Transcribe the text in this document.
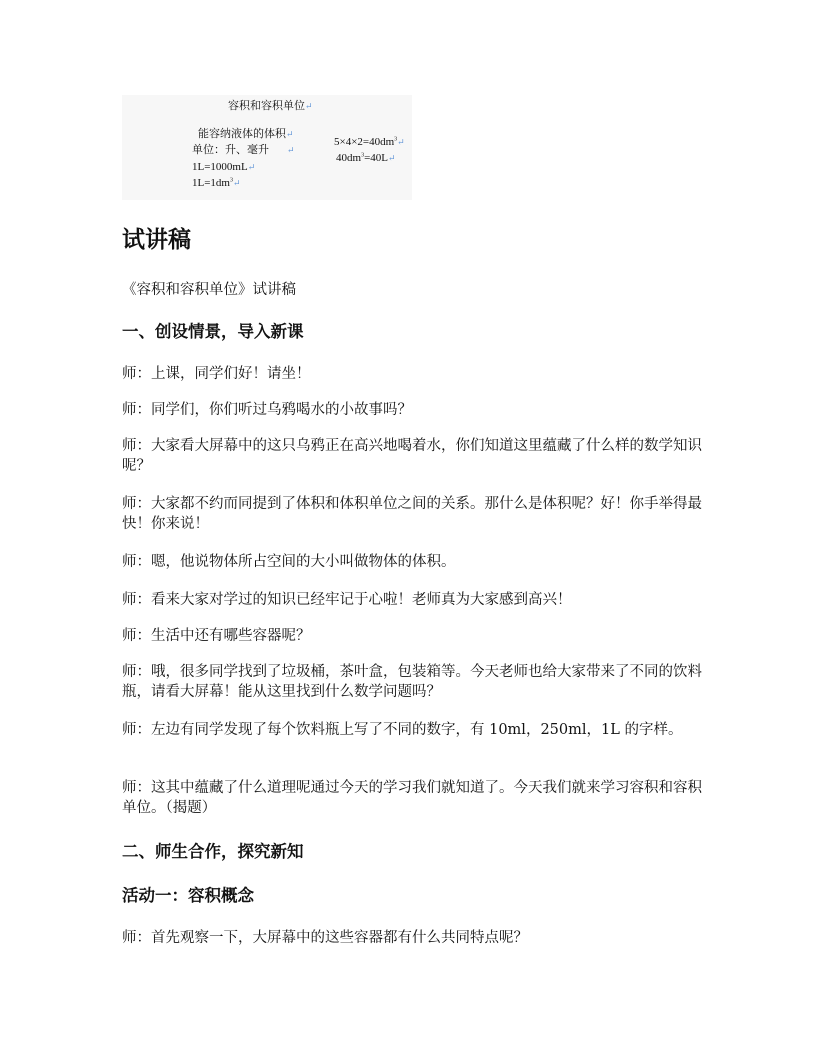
容积和容积单位↵
能容纳液体的体积↵
单位：升、毫升 ↵
1L=1000mL↵
$1L=1dm^3↵$
$5\times 4\times 2=40dm^3↵$
$40dm^3=40L↵$
试讲稿

《容积和容积单位》试讲稿

一、创设情景，导入新课

师：上课，同学们好！请坐！

师：同学们，你们听过乌鸦喝水的小故事吗？

师：大家看大屏幕中的这只乌鸦正在高兴地喝着水，你们知道这里蕴藏了什么样的数学知识呢？

师：大家都不约而同提到了体积和体积单位之间的关系。那什么是体积呢？好！你手举得最快！你来说！

师：嗯，他说物体所占空间的大小叫做物体的体积。

师：看来大家对学过的知识已经牢记于心啦！老师真为大家感到高兴！

师：生活中还有哪些容器呢？

师：哦，很多同学找到了垃圾桶，茶叶盒，包装箱等。今天老师也给大家带来了不同的饮料瓶，请看大屏幕！能从这里找到什么数学问题吗？

师：左边有同学发现了每个饮料瓶上写了不同的数字，有 10ml，250ml，1L 的字样。

师：这其中蕴藏了什么道理呢通过今天的学习我们就知道了。今天我们就来学习容积和容积单位。（揭题）

二、师生合作，探究新知
活动一：容积概念

师：首先观察一下，大屏幕中的这些容器都有什么共同特点呢？
